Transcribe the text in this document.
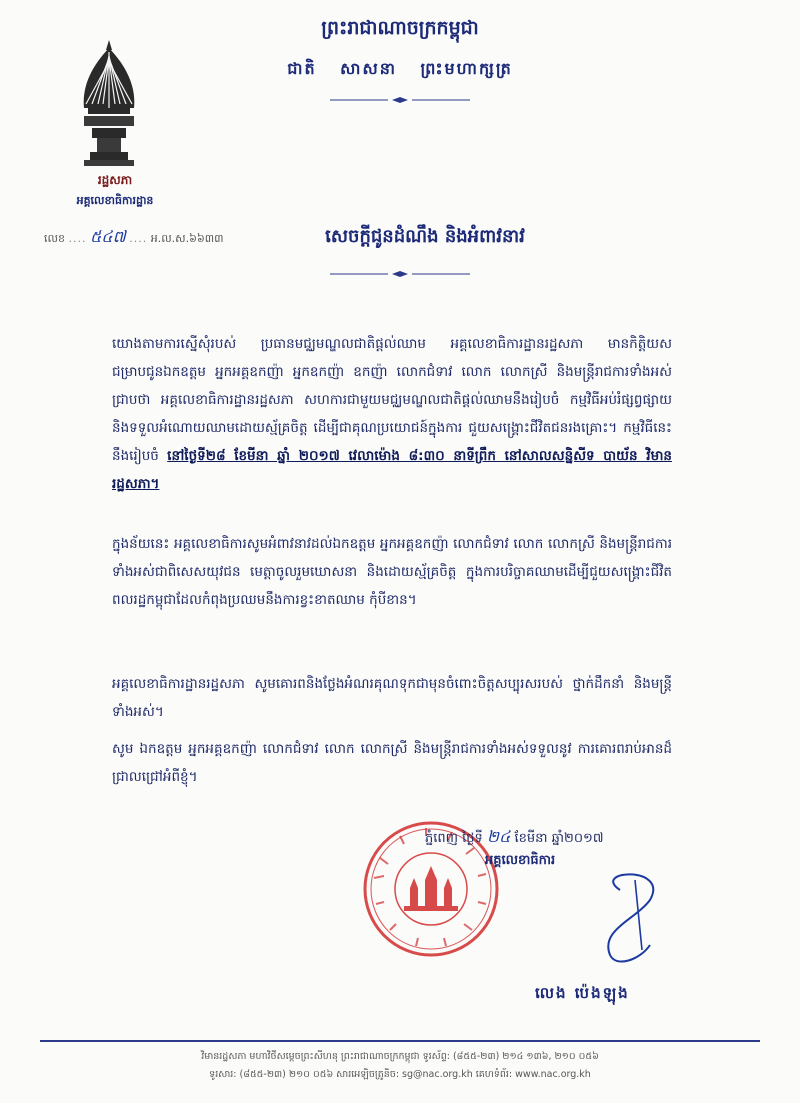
ព្រះរាជាណាចក្រកម្ពុជា
ជាតិ សាសនា ព្រះមហាក្សត្រ
រដ្ឋសភា
អគ្គលេខាធិការដ្ឋាន
លេខ .... ៥៤៧ .... អ.ល.ស.៦៦៣៣	សេចក្តីជូនដំណឹង និងអំពាវនាវ
យោងតាមការស្នើសុំរបស់ ប្រធានមជ្ឈមណ្ឌលជាតិផ្តល់ឈាម អគ្គលេខាធិការដ្ឋានរដ្ឋសភា មានកិត្តិយសជម្រាបជូនឯកឧត្តម អ្នកអគ្គឧកញ៉ា អ្នកឧកញ៉ា ឧកញ៉ា លោកជំទាវ លោក លោកស្រី និងមន្ត្រីរាជការទាំងអស់ ជ្រាបថា អគ្គលេខាធិការដ្ឋានរដ្ឋសភា សហការជាមួយមជ្ឈមណ្ឌលជាតិផ្តល់ឈាមនឹងរៀបចំ កម្មវិធីអប់រំផ្សព្វផ្សាយ និងទទួលអំណោយឈាមដោយស្ម័គ្រចិត្ត ដើម្បីជាគុណប្រយោជន៍ក្នុងការ ជួយសង្គ្រោះជីវិតជនរងគ្រោះ។ កម្មវិធីនេះនឹងរៀបចំ នៅថ្ងៃទី២៨ ខែមីនា ឆ្នាំ ២០១៧ វេលាម៉ោង ៨:៣០ នាទីព្រឹក នៅសាលសន្និសីទ បាយ័ន វិមានរដ្ឋសភា។
ក្នុងន័យនេះ អគ្គលេខាធិការសូមអំពាវនាវដល់ឯកឧត្តម អ្នកអគ្គឧកញ៉ា លោកជំទាវ លោក លោកស្រី និងមន្ត្រីរាជការទាំងអស់ជាពិសេសយុវជន មេត្តាចូលរួមឃោសនា និងដោយស្ម័គ្រចិត្ត ក្នុងការបរិច្ចាគឈាមដើម្បីជួយសង្គ្រោះជីវិតពលរដ្ឋកម្ពុជាដែលកំពុងប្រឈមនឹងការខ្វះខាតឈាម កុំបីខាន។
អគ្គលេខាធិការដ្ឋានរដ្ឋសភា សូមគោរពនិងថ្លែងអំណរគុណទុកជាមុនចំពោះចិត្តសប្បុរសរបស់ ថ្នាក់ដឹកនាំ និងមន្ត្រីទាំងអស់។
សូម ឯកឧត្តម អ្នកអគ្គឧកញ៉ា លោកជំទាវ លោក លោកស្រី និងមន្ត្រីរាជការទាំងអស់ទទួលនូវ ការគោរពរាប់អានដ៏ជ្រាលជ្រៅអំពីខ្ញុំ។
ភ្នំពេញ ថ្ងៃទី ២៤ ខែមីនា ឆ្នាំ២០១៧
អគ្គលេខាធិការ
លេង ប៉េងឡុង
វិមានរដ្ឋសភា មហាវិថីសម្តេចព្រះសីហនុ ព្រះរាជាណាចក្រកម្ពុជា ទូរស័ព្ទ: (៨៥៥-២៣) ២១៤ ១៣៦, ២១០ ០៥៦
ទូរសារ: (៨៥៥-២៣) ២១០ ០៥៦ សារអេឡិចត្រូនិច: sg@nac.org.kh គេហទំព័រ: www.nac.org.kh
